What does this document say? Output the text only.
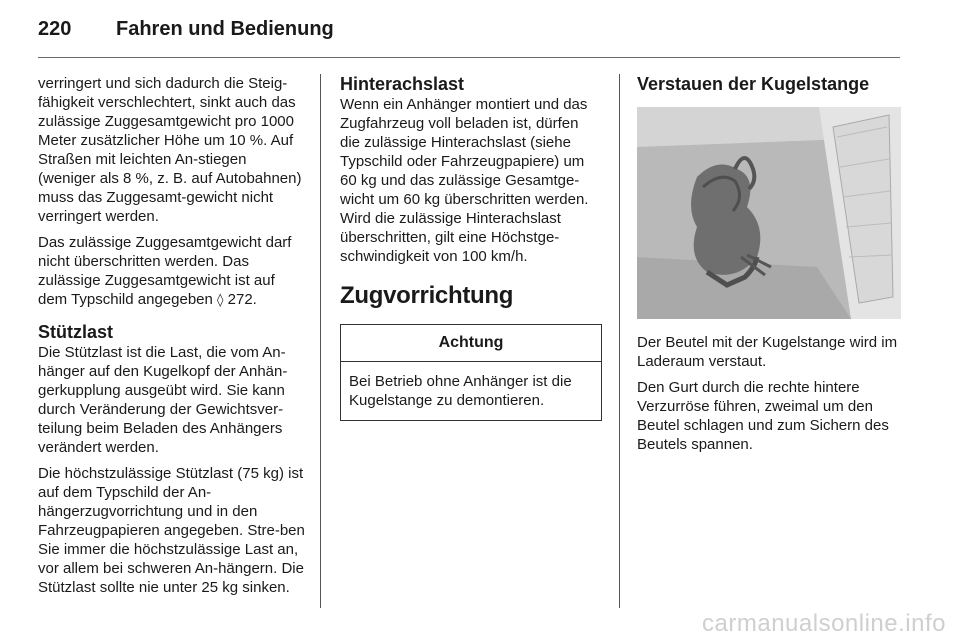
220	Fahren und Bedienung

verringert und sich dadurch die Steig-fähigkeit verschlechtert, sinkt auch das zulässige Zuggesamtgewicht pro 1000 Meter zusätzlicher Höhe um 10 %. Auf Straßen mit leichten An-stiegen (weniger als 8 %, z. B. auf Autobahnen) muss das Zuggesamt-gewicht nicht verringert werden.

Das zulässige Zuggesamtgewicht darf nicht überschritten werden. Das zulässige Zuggesamtgewicht ist auf dem Typschild angegeben ◊ 272.

Stützlast

Die Stützlast ist die Last, die vom An-hänger auf den Kugelkopf der Anhän-gerkupplung ausgeübt wird. Sie kann durch Veränderung der Gewichtsver-teilung beim Beladen des Anhängers verändert werden.

Die höchstzulässige Stützlast (75 kg) ist auf dem Typschild der An-hängerzugvorrichtung und in den Fahrzeugpapieren angegeben. Stre-ben Sie immer die höchstzulässige Last an, vor allem bei schweren An-hängern. Die Stützlast sollte nie unter 25 kg sinken.

Hinterachslast

Wenn ein Anhänger montiert und das Zugfahrzeug voll beladen ist, dürfen die zulässige Hinterachslast (siehe Typschild oder Fahrzeugpapiere) um 60 kg und das zulässige Gesamtge-wicht um 60 kg überschritten werden. Wird die zulässige Hinterachslast überschritten, gilt eine Höchstge-schwindigkeit von 100 km/h.

Zugvorrichtung
Achtung
Bei Betrieb ohne Anhänger ist die Kugelstange zu demontieren.
Verstauen der Kugelstange

Der Beutel mit der Kugelstange wird im Laderaum verstaut.

Den Gurt durch die rechte hintere Verzurröse führen, zweimal um den Beutel schlagen und zum Sichern des Beutels spannen.

carmanualsonline.info
